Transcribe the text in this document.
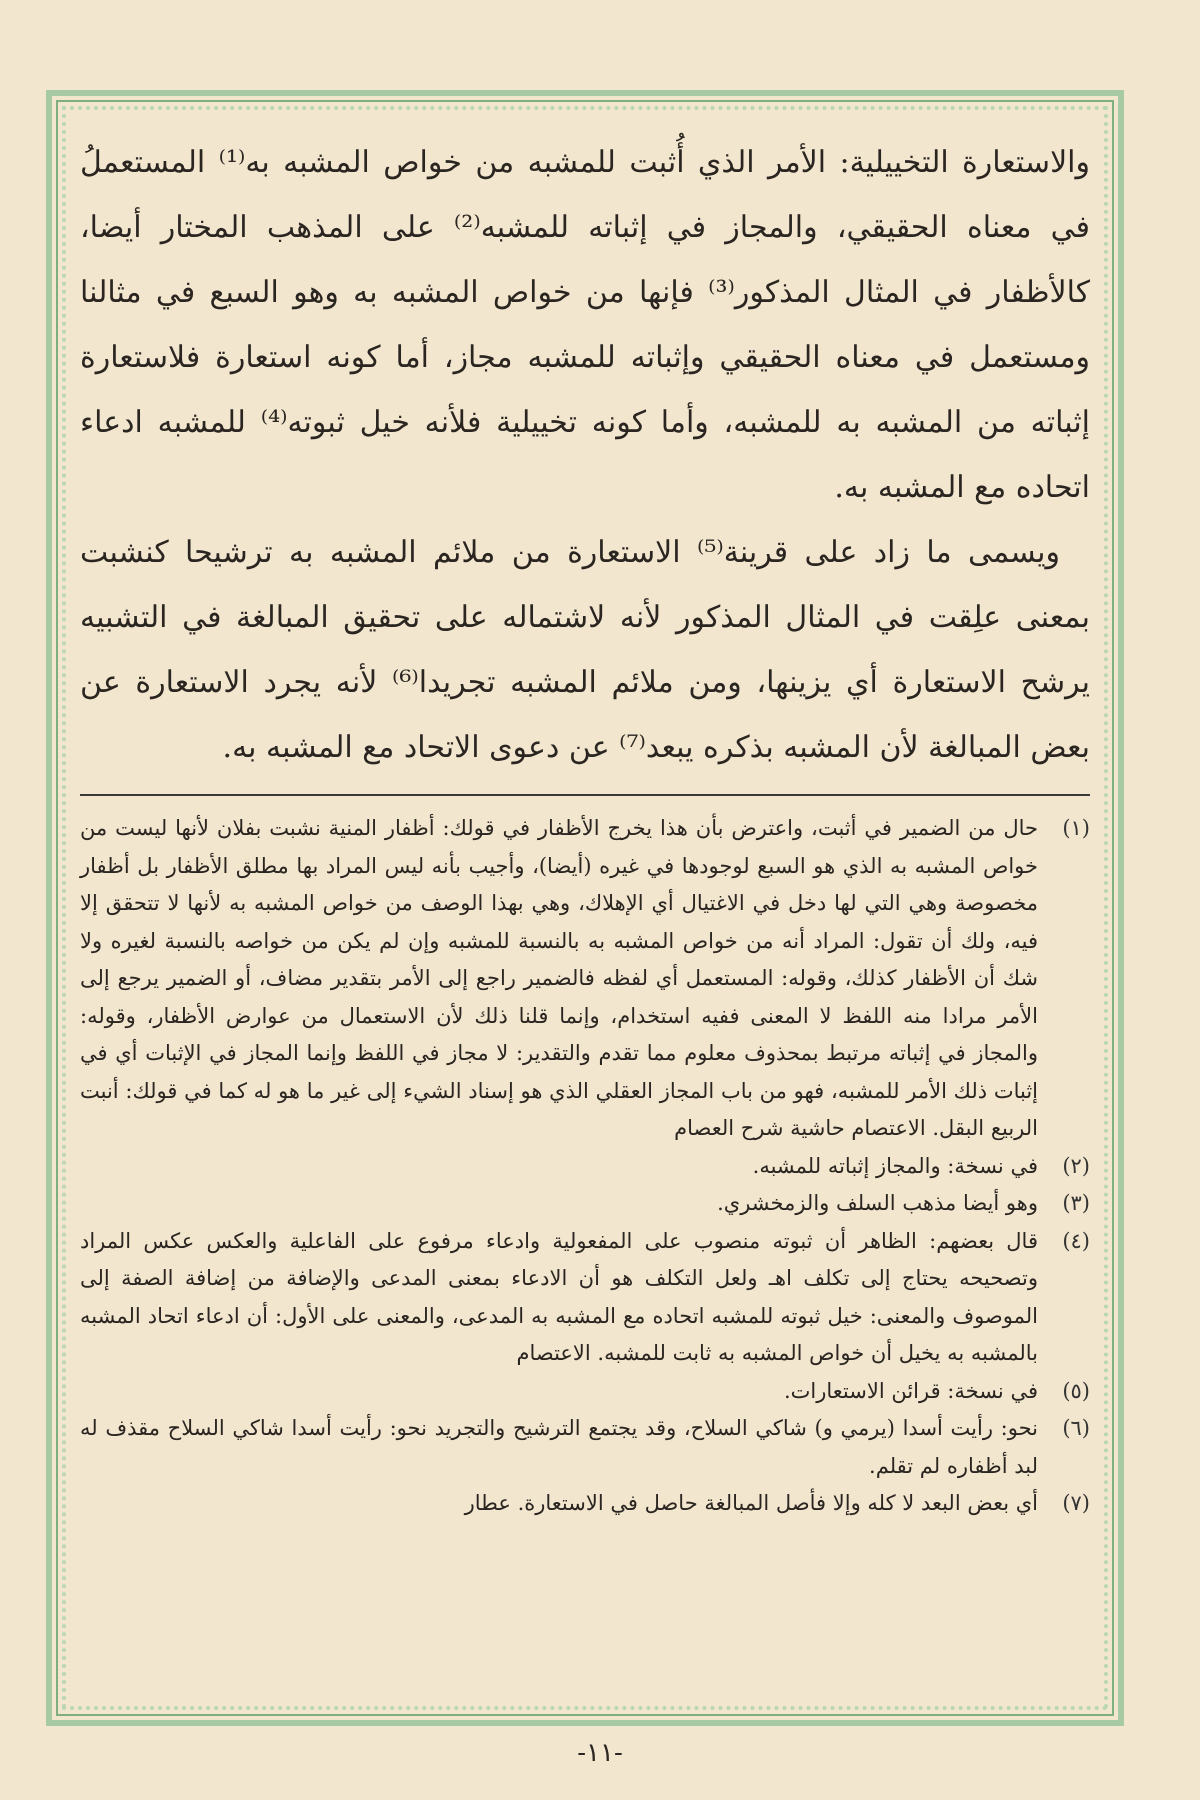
والاستعارة التخييلية: الأمر الذي أُثبت للمشبه من خواص المشبه به⁽¹⁾ المستعملُ في معناه الحقيقي، والمجاز في إثباته للمشبه⁽²⁾ على المذهب المختار أيضا، كالأظفار في المثال المذكور⁽³⁾ فإنها من خواص المشبه به وهو السبع في مثالنا ومستعمل في معناه الحقيقي وإثباته للمشبه مجاز، أما كونه استعارة فلاستعارة إثباته من المشبه به للمشبه، وأما كونه تخييلية فلأنه خيل ثبوته⁽⁴⁾ للمشبه ادعاء اتحاده مع المشبه به.

ويسمى ما زاد على قرينة⁽⁵⁾ الاستعارة من ملائم المشبه به ترشيحا كنشبت بمعنى علِقت في المثال المذكور لأنه لاشتماله على تحقيق المبالغة في التشبيه يرشح الاستعارة أي يزينها، ومن ملائم المشبه تجريدا⁽⁶⁾ لأنه يجرد الاستعارة عن بعض المبالغة لأن المشبه بذكره يبعد⁽⁷⁾ عن دعوى الاتحاد مع المشبه به.

(١)
حال من الضمير في أثبت، واعترض بأن هذا يخرج الأظفار في قولك: أظفار المنية نشبت بفلان لأنها ليست من خواص المشبه به الذي هو السبع لوجودها في غيره (أيضا)، وأجيب بأنه ليس المراد بها مطلق الأظفار بل أظفار مخصوصة وهي التي لها دخل في الاغتيال أي الإهلاك، وهي بهذا الوصف من خواص المشبه به لأنها لا تتحقق إلا فيه، ولك أن تقول: المراد أنه من خواص المشبه به بالنسبة للمشبه وإن لم يكن من خواصه بالنسبة لغيره ولا شك أن الأظفار كذلك، وقوله: المستعمل أي لفظه فالضمير راجع إلى الأمر بتقدير مضاف، أو الضمير يرجع إلى الأمر مرادا منه اللفظ لا المعنى ففيه استخدام، وإنما قلنا ذلك لأن الاستعمال من عوارض الأظفار، وقوله: والمجاز في إثباته مرتبط بمحذوف معلوم مما تقدم والتقدير: لا مجاز في اللفظ وإنما المجاز في الإثبات أي في إثبات ذلك الأمر للمشبه، فهو من باب المجاز العقلي الذي هو إسناد الشيء إلى غير ما هو له كما في قولك: أنبت الربيع البقل. الاعتصام حاشية شرح العصام
(٢)
في نسخة: والمجاز إثباته للمشبه.
(٣)
وهو أيضا مذهب السلف والزمخشري.
(٤)
قال بعضهم: الظاهر أن ثبوته منصوب على المفعولية وادعاء مرفوع على الفاعلية والعكس عكس المراد وتصحيحه يحتاج إلى تكلف اهـ ولعل التكلف هو أن الادعاء بمعنى المدعى والإضافة من إضافة الصفة إلى الموصوف والمعنى: خيل ثبوته للمشبه اتحاده مع المشبه به المدعى، والمعنى على الأول: أن ادعاء اتحاد المشبه بالمشبه به يخيل أن خواص المشبه به ثابت للمشبه. الاعتصام
(٥)
في نسخة: قرائن الاستعارات.
(٦)
نحو: رأيت أسدا (يرمي و) شاكي السلاح، وقد يجتمع الترشيح والتجريد نحو: رأيت أسدا شاكي السلاح مقذف له لبد أظفاره لم تقلم.
(٧)
أي بعض البعد لا كله وإلا فأصل المبالغة حاصل في الاستعارة. عطار
-١١-
